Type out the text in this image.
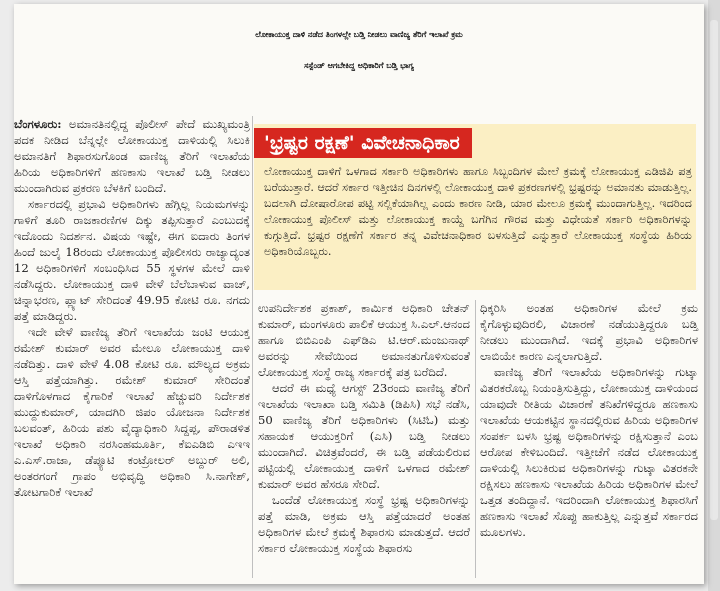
ಲೋಕಾಯುಕ್ತ ದಾಳಿ ನಡೆದ ತಿಂಗಳಲ್ಲೇ ಬಡ್ತಿ ನೀಡಲು ವಾಣಿಜ್ಯ ತೆರಿಗೆ ಇಲಾಖೆ ಕ್ರಮ
ಸಸ್ಪೆಂಡ್ ಆಗಬೇಕಿದ್ದ ಅಧಿಕಾರಿಗೆ ಬಡ್ತಿ ಭಾಗ್ಯ

ಬೆಂಗಳೂರು: ಅಮಾನತಿನಲ್ಲಿದ್ದ ಪೊಲೀಸ್ ಪೇದೆ ಮುಖ್ಯಮಂತ್ರಿ ಪದಕ ನೀಡಿದ ಬೆನ್ನಲ್ಲೇ ಲೋಕಾಯುಕ್ತ ದಾಳಿಯಲ್ಲಿ ಸಿಲುಕಿ ಅಮಾನತಿಗೆ ಶಿಫಾರಸುಗೊಂಡ ವಾಣಿಜ್ಯ ತೆರಿಗೆ ಇಲಾಖೆಯ ಹಿರಿಯ ಅಧಿಕಾರಿಗಳಿಗೆ ಹಣಕಾಸು ಇಲಾಖೆ ಬಡ್ತಿ ನೀಡಲು ಮುಂದಾಗಿರುವ ಪ್ರಕರಣ ಬೆಳಕಿಗೆ ಬಂದಿದೆ.

ಸರ್ಕಾರದಲ್ಲಿ ಪ್ರಭಾವಿ ಅಧಿಕಾರಿಗಳು ಹೆಗ್ಗಿಲ್ಲ ನಿಯಮಗಳನ್ನು ಗಾಳಿಗೆ ತೂರಿ ರಾಜಕಾರಣಿಗಳ ದಿಕ್ಕು ತಪ್ಪಿಸುತ್ತಾರೆ ಎಂಬುದಕ್ಕೆ ಇದೊಂದು ನಿದರ್ಶನ. ವಿಷಯ ಇಷ್ಟೇ, ಈಗ ಐದಾರು ತಿಂಗಳ ಹಿಂದೆ ಜುಲೈ 18ರಂದು ಲೋಕಾಯುಕ್ತ ಪೊಲೀಸರು ರಾಜ್ಯಾದ್ಯಂತ 12 ಅಧಿಕಾರಿಗಳಿಗೆ ಸಂಬಂಧಿಸಿದ 55 ಸ್ಥಳಗಳ ಮೇಲೆ ದಾಳಿ ನಡೆಸಿದ್ದರು. ಲೋಕಾಯುಕ್ತ ದಾಳಿ ವೇಳೆ ಬೆಲೆಬಾಳುವ ವಾಚ್, ಚಿನ್ನಾಭರಣ, ಪ್ಲ್ಯಾಟ್ ಸೇರಿದಂತೆ 49.95 ಕೋಟಿ ರೂ. ನಗದು ಪತ್ತೆ ಮಾಡಿದ್ದರು.

ಇದೇ ವೇಳೆ ವಾಣಿಜ್ಯ ತೆರಿಗೆ ಇಲಾಖೆಯ ಜಂಟಿ ಆಯುಕ್ತ ರಮೇಶ್ ಕುಮಾರ್ ಅವರ ಮೇಲೂ ಲೋಕಾಯುಕ್ತ ದಾಳಿ ನಡೆದಿತ್ತು. ದಾಳಿ ವೇಳೆ 4.08 ಕೋಟಿ ರೂ. ಮೌಲ್ಯದ ಅಕ್ರಮ ಆಸ್ತಿ ಪತ್ತೆಯಾಗಿತ್ತು. ರಮೇಶ್ ಕುಮಾರ್ ಸೇರಿದಂತೆ ದಾಳಿಗೊಳಗಾದ ಕೈಗಾರಿಕೆ ಇಲಾಖೆ ಹೆಚ್ಚುವರಿ ನಿರ್ದೇಶಕ ಮುದ್ದುಕುಮಾರ್, ಯಾದಗಿರಿ ಜಿಪಂ ಯೋಜನಾ ನಿರ್ದೇಶಕ ಬಲವಂತ್, ಹಿರಿಯ ಪಶು ವೈದ್ಯಾಧಿಕಾರಿ ಸಿದ್ದಪ್ಪ, ಪೌರಾಡಳಿತ ಇಲಾಖೆ ಅಧಿಕಾರಿ ನರಸಿಂಹಮೂರ್ತಿ, ಕೆಐಎಡಿಬಿ ಎಇಇ ಎ.ಎಸ್.ರಾಜಾ, ಡೆಪ್ಯೂಟಿ ಕಂಟ್ರೋಲರ್ ಅಬ್ದುರ್ ಅಲಿ, ಅಂತರಗಂಗೆ ಗ್ರಾಪಂ ಅಭಿವೃದ್ಧಿ ಅಧಿಕಾರಿ ಸಿ.ನಾಗೇಶ್, ತೋಟಗಾರಿಕೆ ಇಲಾಖೆ

'ಭ್ರಷ್ಟರ ರಕ್ಷಣೆ' ವಿವೇಚನಾಧಿಕಾರ
ಲೋಕಾಯುಕ್ತ ದಾಳಿಗೆ ಒಳಗಾದ ಸರ್ಕಾರಿ ಅಧಿಕಾರಿಗಳು ಹಾಗೂ ಸಿಬ್ಬಂದಿಗಳ ಮೇಲೆ ಕ್ರಮಕ್ಕೆ ಲೋಕಾಯುಕ್ತ ಎಡಿಜಿಪಿ ಪತ್ರ ಬರೆಯುತ್ತಾರೆ. ಆದರೆ ಸರ್ಕಾರ ಇತ್ತೀಚಿನ ದಿನಗಳಲ್ಲಿ ಲೋಕಾಯುಕ್ತ ದಾಳಿ ಪ್ರಕರಣಗಳಲ್ಲಿ ಭ್ರಷ್ಟರನ್ನು ಅಮಾನತು ಮಾಡುತ್ತಿಲ್ಲ. ಬದಲಾಗಿ ದೋಷಾರೋಪ ಪಟ್ಟಿ ಸಲ್ಲಿಕೆಯಾಗಿಲ್ಲ ಎಂದು ಕಾರಣ ನೀಡಿ, ಯಾರ ಮೇಲೂ ಕ್ರಮಕ್ಕೆ ಮುಂದಾಗುತ್ತಿಲ್ಲ. ಇದರಿಂದ ಲೋಕಾಯುಕ್ತ ಪೊಲೀಸ್ ಮತ್ತು ಲೋಕಾಯುಕ್ತ ಕಾಯ್ದೆ ಬಗೆಗಿನ ಗೌರವ ಮತ್ತು ವಿಧೇಯತೆ ಸರ್ಕಾರಿ ಅಧಿಕಾರಿಗಳನ್ನು ಕುಗ್ಗುತ್ತಿದೆ. ಭ್ರಷ್ಟರ ರಕ್ಷಣೆಗೆ ಸರ್ಕಾರ ತನ್ನ ವಿವೇಚನಾಧಿಕಾರ ಬಳಸುತ್ತಿದೆ ಎನ್ನುತ್ತಾರೆ ಲೋಕಾಯುಕ್ತ ಸಂಸ್ಥೆಯ ಹಿರಿಯ ಅಧಿಕಾರಿಯೊಬ್ಬರು.

ಉಪನಿರ್ದೇಶಕ ಪ್ರಕಾಶ್, ಕಾರ್ಮಿಕ ಅಧಿಕಾರಿ ಚೇತನ್ ಕುಮಾರ್, ಮಂಗಳೂರು ಪಾಲಿಕೆ ಆಯುಕ್ತ ಸಿ.ಎಲ್.ಆನಂದ ಹಾಗೂ ಬಿಬಿಎಂಪಿ ಎಫ್‌ಡಿಎ ಟಿ.ಆರ್.ಮಂಜುನಾಥ್ ಅವರನ್ನು ಸೇವೆಯಿಂದ ಅಮಾನತುಗೊಳಿಸುವಂತೆ ಲೋಕಾಯುಕ್ತ ಸಂಸ್ಥೆ ರಾಜ್ಯ ಸರ್ಕಾರಕ್ಕೆ ಪತ್ರ ಬರೆದಿದೆ.

ಆದರೆ ಈ ಮಧ್ಯೆ ಆಗಸ್ಟ್ 23ರಂದು ವಾಣಿಜ್ಯ ತೆರಿಗೆ ಇಲಾಖೆಯ ಇಲಾಖಾ ಬಡ್ತಿ ಸಮಿತಿ (ಡಿಪಿಸಿ) ಸಭೆ ನಡೆಸಿ, 50 ವಾಣಿಜ್ಯ ತೆರಿಗೆ ಅಧಿಕಾರಿಗಳು (ಸಿಟಿಓ) ಮತ್ತು ಸಹಾಯಕ ಆಯುಕ್ತರಿಗೆ (ಎಸಿ) ಬಡ್ತಿ ನೀಡಲು ಮುಂದಾಗಿದೆ. ವಿಚಿತ್ರವೆಂದರೆ, ಈ ಬಡ್ತಿ ಪಡೆಯಲಿರುವ ಪಟ್ಟಿಯಲ್ಲಿ ಲೋಕಾಯುಕ್ತ ದಾಳಿಗೆ ಒಳಗಾದ ರಮೇಶ್ ಕುಮಾರ್ ಅವರ ಹೆಸರೂ ಸೇರಿದೆ.

ಒಂದೆಡೆ ಲೋಕಾಯುಕ್ತ ಸಂಸ್ಥೆ ಭ್ರಷ್ಟ ಅಧಿಕಾರಿಗಳನ್ನು ಪತ್ತೆ ಮಾಡಿ, ಅಕ್ರಮ ಆಸ್ತಿ ಪತ್ತೆಯಾದರೆ ಅಂತಹ ಅಧಿಕಾರಿಗಳ ಮೇಲೆ ಕ್ರಮಕ್ಕೆ ಶಿಫಾರಸು ಮಾಡುತ್ತದೆ. ಆದರೆ ಸರ್ಕಾರ ಲೋಕಾಯುಕ್ತ ಸಂಸ್ಥೆಯ ಶಿಫಾರಸು

ಧಿಕ್ಕರಿಸಿ ಅಂತಹ ಅಧಿಕಾರಿಗಳ ಮೇಲೆ ಕ್ರಮ ಕೈಗೊಳ್ಳುವುದಿರಲಿ, ವಿಚಾರಣೆ ನಡೆಯುತ್ತಿದ್ದರೂ ಬಡ್ತಿ ನೀಡಲು ಮುಂದಾಗಿದೆ. ಇದಕ್ಕೆ ಪ್ರಭಾವಿ ಅಧಿಕಾರಿಗಳ ಲಾಬಿಯೇ ಕಾರಣ ಎನ್ನಲಾಗುತ್ತಿದೆ.

ವಾಣಿಜ್ಯ ತೆರಿಗೆ ಇಲಾಖೆಯ ಅಧಿಕಾರಿಗಳನ್ನು ಗುಟ್ಕಾ ವಿತರಕರೊಬ್ಬ ನಿಯಂತ್ರಿಸುತ್ತಿದ್ದು, ಲೋಕಾಯುಕ್ತ ದಾಳಿಯಂದ ಯಾವುದೇ ರೀತಿಯ ವಿಚಾರಣೆ ತನಿಖೆಗಳಿದ್ದರೂ ಹಣಕಾಸು ಇಲಾಖೆಯ ಆಯಕಟ್ಟಿನ ಸ್ಥಾನದಲ್ಲಿರುವ ಹಿರಿಯ ಅಧಿಕಾರಿಗಳ ಸಂಪರ್ಕ ಬಳಸಿ ಭ್ರಷ್ಟ ಅಧಿಕಾರಿಗಳನ್ನು ರಕ್ಷಿಸುತ್ತಾನೆ ಎಂಬ ಆರೋಪ ಕೇಳಿಬಂದಿದೆ. ಇತ್ತೀಚೆಗೆ ನಡೆದ ಲೋಕಾಯುಕ್ತ ದಾಳಿಯಲ್ಲಿ ಸಿಲುಕಿರುವ ಅಧಿಕಾರಿಗಳನ್ನು ಗುಟ್ಕಾ ವಿತರಕನೇ ರಕ್ಷಿಸಲು ಹಣಕಾಸು ಇಲಾಖೆಯ ಹಿರಿಯ ಅಧಿಕಾರಿಗಳ ಮೇಲೆ ಒತ್ತಡ ತಂದಿದ್ದಾನೆ. ಇದರಿಂದಾಗಿ ಲೋಕಾಯುಕ್ತ ಶಿಫಾರಸಿಗೆ ಹಣಕಾಸು ಇಲಾಖೆ ಸೊಪ್ಪು ಹಾಕುತ್ತಿಲ್ಲ ಎನ್ನುತ್ತವೆ ಸರ್ಕಾರದ ಮೂಲಗಳು.
